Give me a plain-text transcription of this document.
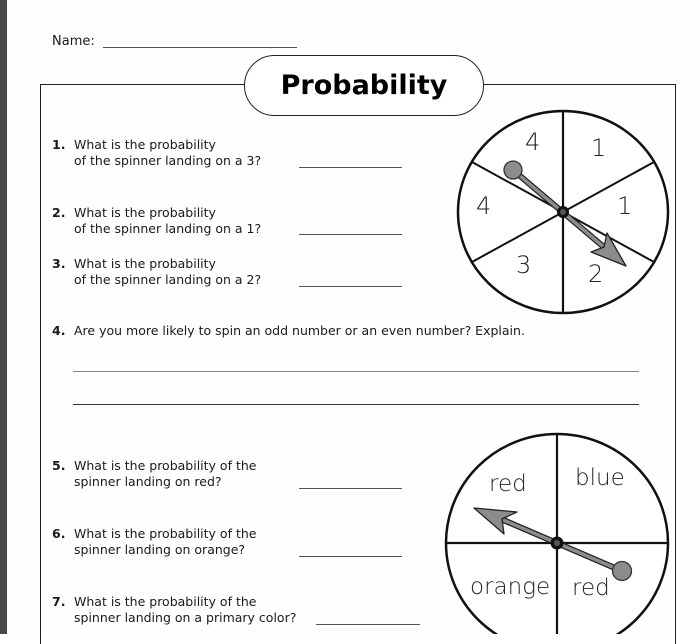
Name:
Probability
1. What is the probability
of the spinner landing on a 3?
2. What is the probability
of the spinner landing on a 1?
3. What is the probability
of the spinner landing on a 2?
4. Are you more likely to spin an odd number or an even number? Explain.
5. What is the probability of the
spinner landing on red?
6. What is the probability of the
spinner landing on orange?
7. What is the probability of the
spinner landing on a primary color?
4 1
1
2
3
4
red blue
orange red
